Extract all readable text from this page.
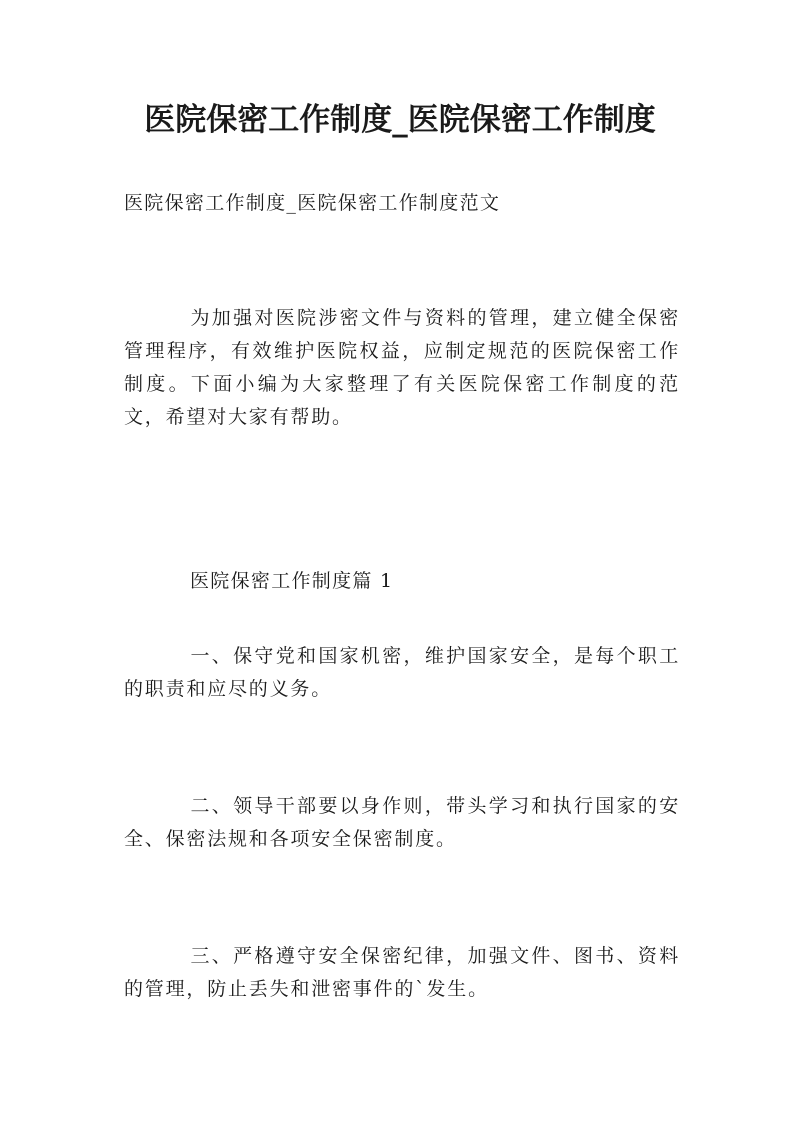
医院保密工作制度_医院保密工作制度
医院保密工作制度_医院保密工作制度范文
为加强对医院涉密文件与资料的管理，建立健全保密管理程序，有效维护医院权益，应制定规范的医院保密工作制度。下面小编为大家整理了有关医院保密工作制度的范文，希望对大家有帮助。
医院保密工作制度篇 1
一、保守党和国家机密，维护国家安全，是每个职工的职责和应尽的义务。
二、领导干部要以身作则，带头学习和执行国家的安全、保密法规和各项安全保密制度。
三、严格遵守安全保密纪律，加强文件、图书、资料的管理，防止丢失和泄密事件的`发生。
